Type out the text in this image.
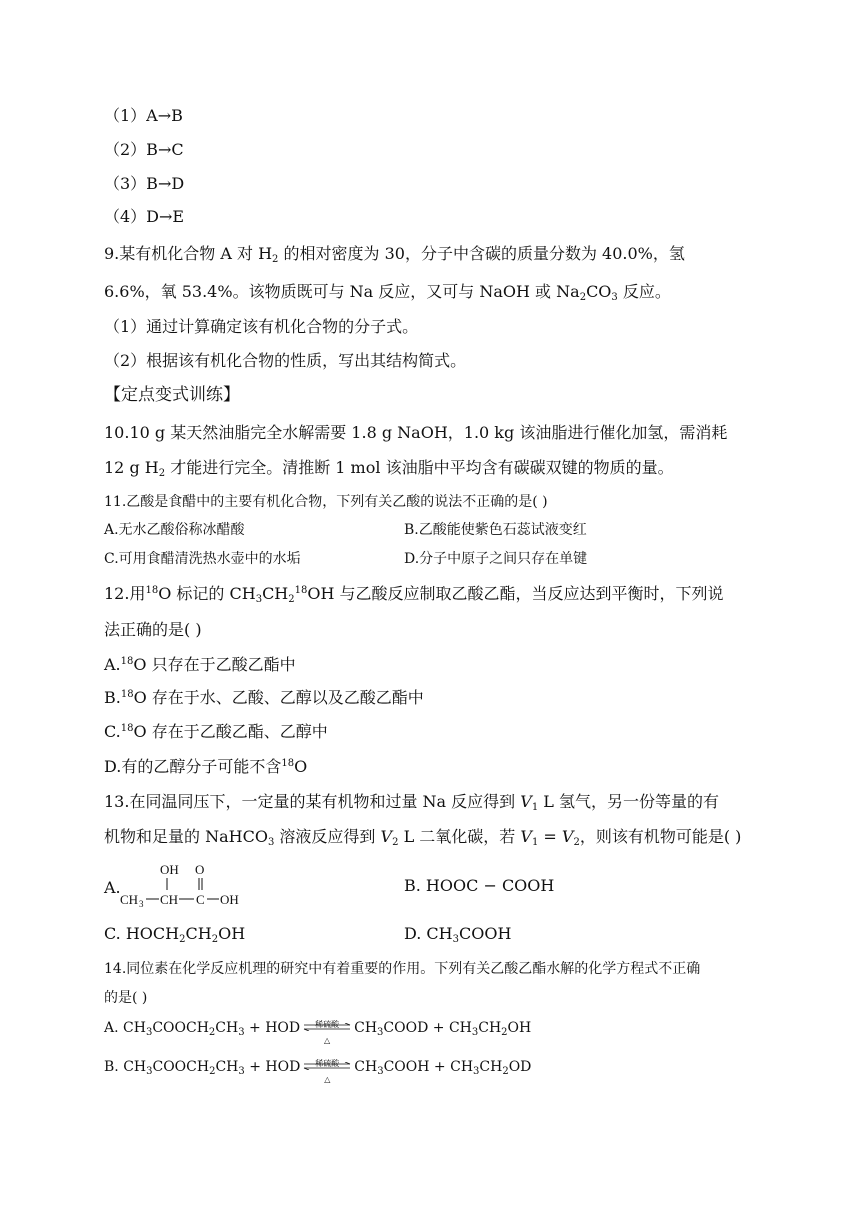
（1）A→B
（2）B→C
（3）B→D
（4）D→E
9.某有机化合物 A 对 $H_2$ 的相对密度为 30，分子中含碳的质量分数为 40.0%，氢
6.6%，氧 53.4%。该物质既可与 Na 反应，又可与 NaOH 或 $Na_2CO_3$ 反应。
（1）通过计算确定该有机化合物的分子式。
（2）根据该有机化合物的性质，写出其结构简式。
【定点变式训练】
10.10 g 某天然油脂完全水解需要 1.8 g NaOH，1.0 kg 该油脂进行催化加氢，需消耗
12 g $H_2$ 才能进行完全。清推断 1 mol 该油脂中平均含有碳碳双键的物质的量。
11.乙酸是食醋中的主要有机化合物，下列有关乙酸的说法不正确的是( )
A.无水乙酸俗称冰醋酸	B.乙酸能使紫色石蕊试液变红
C.可用食醋清洗热水壶中的水垢	D.分子中原子之间只存在单键
12.用$^{18}$O 标记的 $CH_3CH_2^{18}OH$ 与乙酸反应制取乙酸乙酯，当反应达到平衡时，下列说
法正确的是( )
A.$^{18}$O 只存在于乙酸乙酯中
B.$^{18}$O 存在于水、乙酸、乙醇以及乙酸乙酯中
C.$^{18}$O 存在于乙酸乙酯、乙醇中
D.有的乙醇分子可能不含$^{18}$O
13.在同温同压下，一定量的某有机物和过量 Na 反应得到 $V_1$ L 氢气，另一份等量的有
机物和足量的 NaHCO$_3$ 溶液反应得到 $V_2$ L 二氧化碳，若 $V_1 = V_2$，则该有机物可能是( )
A.
OH O
CH 3 CH C OH
B. HOOC − COOH
C. $HOCH_2CH_2OH$	D. $CH_3COOH$
14.同位素在化学反应机理的研究中有着重要的作用。下列有关乙酸乙酯水解的化学方程式不正确
的是( )
A. $CH_3COOCH_2CH_3$ + HOD	稀硫酸
△
$CH_3COOD + CH_3CH_2OH$
B. $CH_3COOCH_2CH_3$ + HOD	稀硫酸
△
$CH_3COOH + CH_3CH_2OD$
